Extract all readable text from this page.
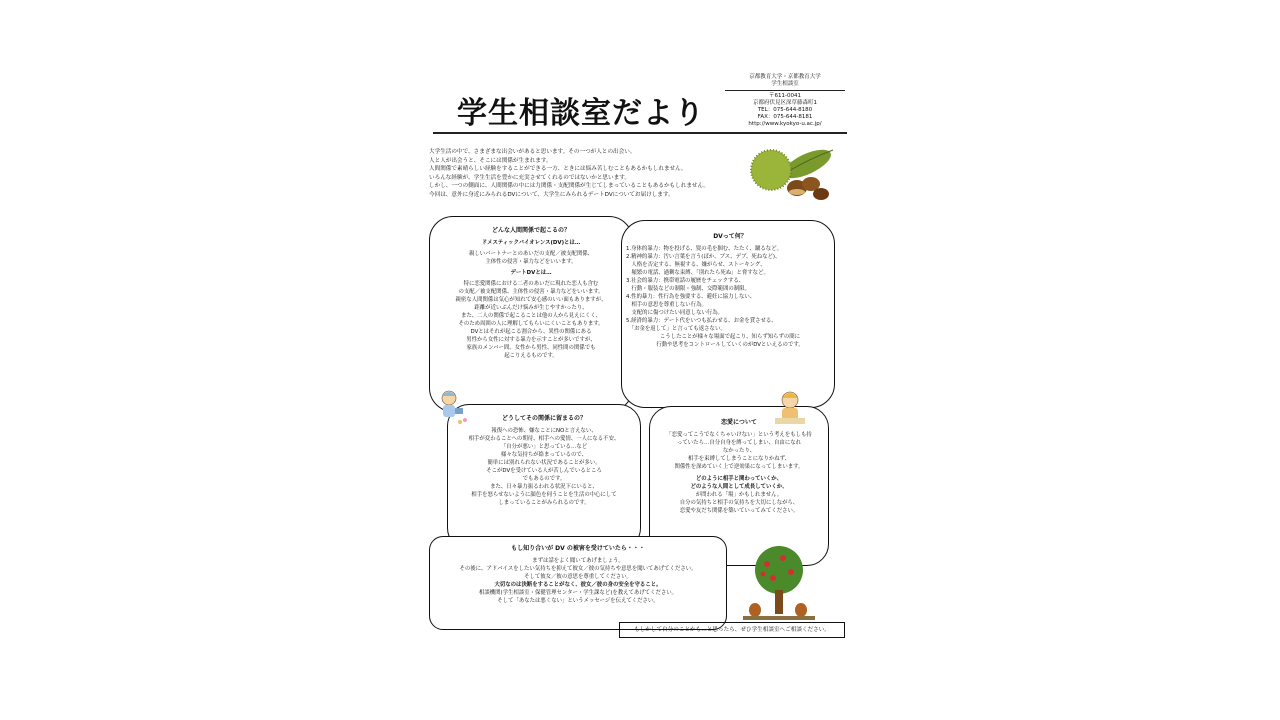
学生相談室だより
京都教育大学・京都教育大学
学生相談室
〒611-0041
京都府伏見区深草藤森町1
TEL：075-644-8180
FAX：075-644-8181
http://www.kyokyo-u.ac.jp/
大学生活の中で、さまざまな出会いがあると思います。その一つが人との出会い。
人と人が出会うと、そこには関係が生まれます。
人間関係で素晴らしい経験をすることができる一方、ときには悩み苦しむこともあるかもしれません。
いろんな経験が、学生生活を豊かに充実させてくれるのではないかと思います。
しかし、一つの側面に、人間関係の中には力関係・支配関係が生じてしまっていることもあるかもしれません。
今回は、意外に身近にみられるDVについて、大学生にみられるデートDVについてお届けします。
どんな人間関係で起こるの？

ドメスティックバイオレンス(DV)とは…

親しいパートナーとのあいだの支配／被支配関係、
主体性の侵害・暴力などをいいます。

デートDVとは…

特に恋愛関係における二者のあいだに現れた恋人も含む
の支配／被支配関係、主体性の侵害・暴力などをいいます。
親密な人間関係は気心が知れて安心感のいい面もありますが、
距離が近いぶんだけ悩みが生じやすかったり、
また、二人の関係で起こることは他の人から見えにくく、
そのため周囲の人に理解してもらいにくいこともあります。
DVとはそれが起こる割合から、異性の関係にある
男性から女性に対する暴力を示すことが多いですが、
家族のメンバー間、女性から男性、同性間の関係でも
起こりえるものです。

DVって何？
1.身体的暴力：物を投げる、髪の毛を掴む、たたく、蹴るなど。
2.精神的暴力：汚い言葉を言う(ばか、ブス、デブ、死ねなど)、
　人格を否定する、無視する、嫌がらせ、ストーキング、
　頻繁の電話、過剰な束縛、「別れたら死ぬ」と脅すなど。
3.社会的暴力：携帯電話の履歴をチェックする、
　行動・服装などの制限・強制、交際範囲の制限。
4.性的暴力：性行為を強要する、避妊に協力しない、
　相手の意思を尊重しない行為。
　支配的に傷つけたい同意しない行為。
5.経済的暴力：デート代をいつも払わせる、お金を貸させる、
　「お金を返して」と言っても返さない。
こうしたことが様々な場面で起こり、知らず知らずの間に
行動や思考をコントロールしていくのがDVといえるのです。
どうしてその関係に留まるの？
報復への恐怖、嫌なことにNOと言えない、
相手が変わることへの期待、相手への愛情、一人になる不安、
「自分が悪い」と思っている…など
様々な気持ちが絡まっているので、
簡単には別れられない状況であることが多い。
そこがDVを受けている人が苦しんでいるところ
でもあるのです。
また、日々暴力振るわれる状況下にいると、
相手を怒らせないように顔色を伺うことを生活の中心にして
しまっていることがみられるのです。
恋愛について
「恋愛ってこうでなくちゃいけない」という考えをもしも持
っていたら…自分自身を縛ってしまい、自由になれ
なかったり、
相手を束縛してしまうことになりかねず、
関係性を深めていく上で逆効果になってしまいます。
どのように相手と関わっていくか、
どのような人間として成長していくか、
が問われる「場」かもしれません。
自分の気持ちと相手の気持ちを大切にしながら、
恋愛や友だち関係を築いていってみてください。
もし知り合いが DV の被害を受けていたら・・・
まずは話をよく聞いてあげましょう。
その後に、アドバイスをしたい気持ちを抑えて彼女／彼の気持ちや意思を聞いてあげてください。
そして彼女／彼の意思を尊重してください。
大切なのは決断をすることがなく、彼女／彼の身の安全を守ること。
相談機関(学生相談室・保健管理センター・学生課など)を教えてあげてください。
そして「あなたは悪くない」というメッセージを伝えてください。
もしかして自分のことかも…と思ったら、ぜひ学生相談室へご相談ください。
